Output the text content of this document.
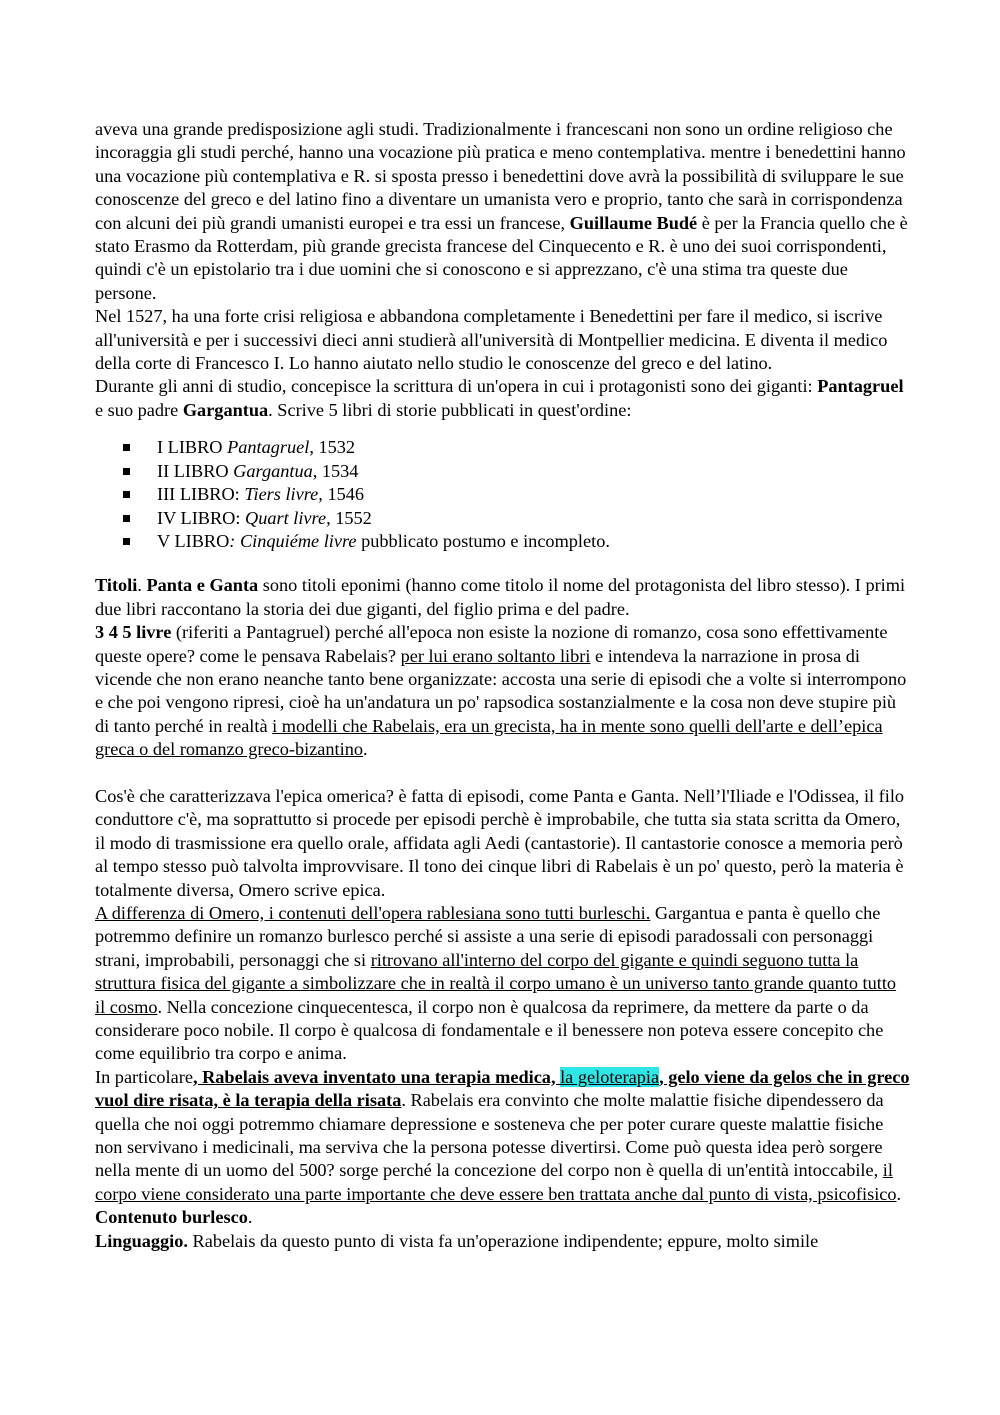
aveva una grande predisposizione agli studi. Tradizionalmente i francescani non sono un ordine religioso che incoraggia gli studi perché, hanno una vocazione più pratica e meno contemplativa. mentre i benedettini hanno una vocazione più contemplativa e R. si sposta presso i benedettini dove avrà la possibilità di sviluppare le sue conoscenze del greco e del latino fino a diventare un umanista vero e proprio, tanto che sarà in corrispondenza con alcuni dei più grandi umanisti europei e tra essi un francese, Guillaume Budé è per la Francia quello che è stato Erasmo da Rotterdam, più grande grecista francese del Cinquecento e R. è uno dei suoi corrispondenti, quindi c'è un epistolario tra i due uomini che si conoscono e si apprezzano, c'è una stima tra queste due persone.

Nel 1527, ha una forte crisi religiosa e abbandona completamente i Benedettini per fare il medico, si iscrive all'università e per i successivi dieci anni studierà all'università di Montpellier medicina. E diventa il medico della corte di Francesco I. Lo hanno aiutato nello studio le conoscenze del greco e del latino.

Durante gli anni di studio, concepisce la scrittura di un'opera in cui i protagonisti sono dei giganti: Pantagruel e suo padre Gargantua. Scrive 5 libri di storie pubblicati in quest'ordine:

I LIBRO Pantagruel, 1532
II LIBRO Gargantua, 1534
III LIBRO: Tiers livre, 1546
IV LIBRO: Quart livre, 1552
V LIBRO: Cinquiéme livre pubblicato postumo e incompleto.

Titoli. Panta e Ganta sono titoli eponimi (hanno come titolo il nome del protagonista del libro stesso). I primi due libri raccontano la storia dei due giganti, del figlio prima e del padre.

3 4 5 livre (riferiti a Pantagruel) perché all'epoca non esiste la nozione di romanzo, cosa sono effettivamente queste opere? come le pensava Rabelais? per lui erano soltanto libri e intendeva la narrazione in prosa di vicende che non erano neanche tanto bene organizzate: accosta una serie di episodi che a volte si interrompono e che poi vengono ripresi, cioè ha un'andatura un po' rapsodica sostanzialmente e la cosa non deve stupire più di tanto perché in realtà i modelli che Rabelais, era un grecista, ha in mente sono quelli dell'arte e dell’epica greca o del romanzo greco-bizantino.

Cos'è che caratterizzava l'epica omerica? è fatta di episodi, come Panta e Ganta. Nell’l'Iliade e l'Odissea, il filo conduttore c'è, ma soprattutto si procede per episodi perchè è improbabile, che tutta sia stata scritta da Omero, il modo di trasmissione era quello orale, affidata agli Aedi (cantastorie). Il cantastorie conosce a memoria però al tempo stesso può talvolta improvvisare. Il tono dei cinque libri di Rabelais è un po' questo, però la materia è totalmente diversa, Omero scrive epica.

A differenza di Omero, i contenuti dell'opera rablesiana sono tutti burleschi. Gargantua e panta è quello che potremmo definire un romanzo burlesco perché si assiste a una serie di episodi paradossali con personaggi strani, improbabili, personaggi che si ritrovano all'interno del corpo del gigante e quindi seguono tutta la struttura fisica del gigante a simbolizzare che in realtà il corpo umano è un universo tanto grande quanto tutto il cosmo. Nella concezione cinquecentesca, il corpo non è qualcosa da reprimere, da mettere da parte o da considerare poco nobile. Il corpo è qualcosa di fondamentale e il benessere non poteva essere concepito che come equilibrio tra corpo e anima.

In particolare, Rabelais aveva inventato una terapia medica, la geloterapia, gelo viene da gelos che in greco vuol dire risata, è la terapia della risata. Rabelais era convinto che molte malattie fisiche dipendessero da quella che noi oggi potremmo chiamare depressione e sosteneva che per poter curare queste malattie fisiche non servivano i medicinali, ma serviva che la persona potesse divertirsi. Come può questa idea però sorgere nella mente di un uomo del 500? sorge perché la concezione del corpo non è quella di un'entità intoccabile, il corpo viene considerato una parte importante che deve essere ben trattata anche dal punto di vista, psicofisico.

Contenuto burlesco.

Linguaggio. Rabelais da questo punto di vista fa un'operazione indipendente; eppure, molto simile
